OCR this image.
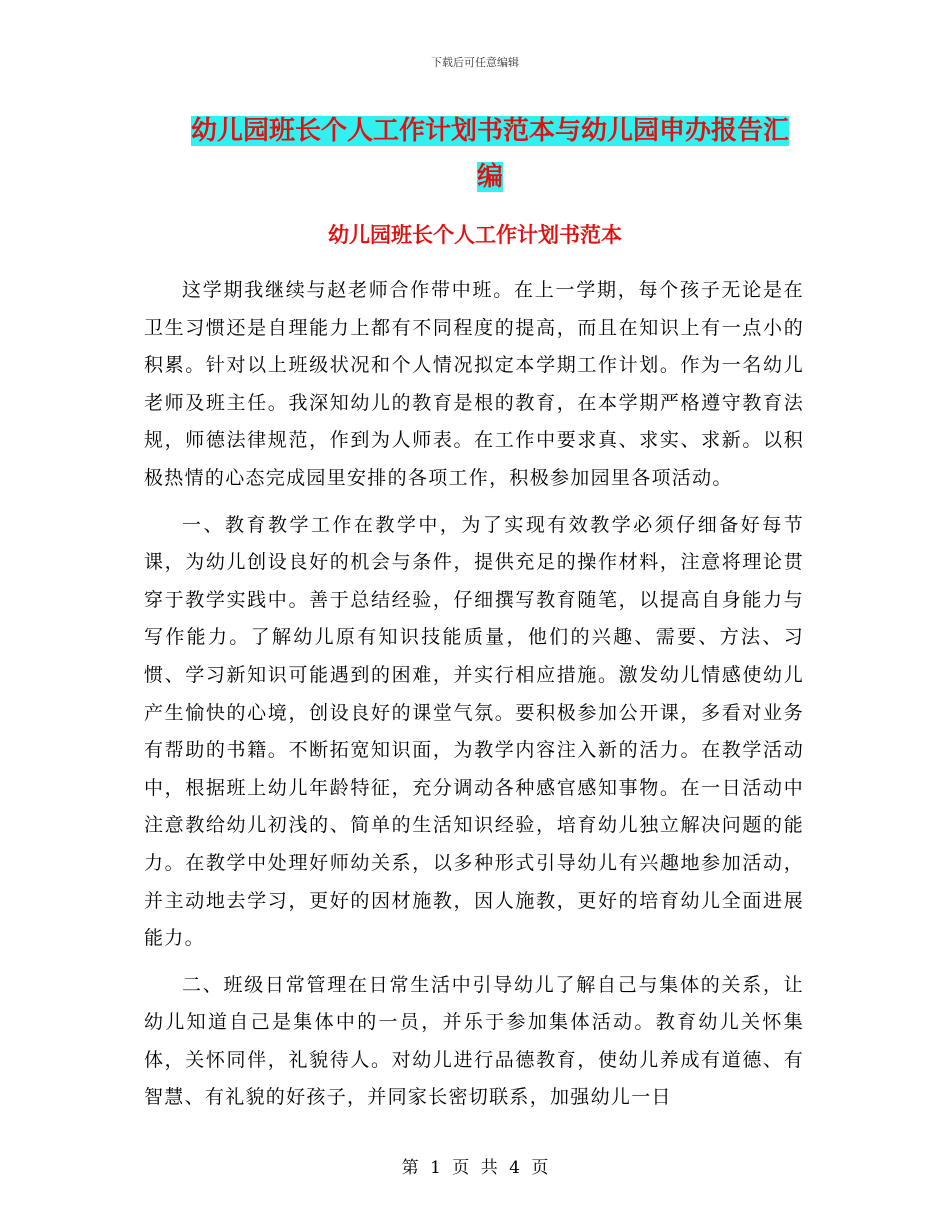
下载后可任意编辑
幼儿园班长个人工作计划书范本与幼儿园申办报告汇
编
幼儿园班长个人工作计划书范本

这学期我继续与赵老师合作带中班。在上一学期，每个孩子无论是在卫生习惯还是自理能力上都有不同程度的提高，而且在知识上有一点小的积累。针对以上班级状况和个人情况拟定本学期工作计划。作为一名幼儿老师及班主任。我深知幼儿的教育是根的教育，在本学期严格遵守教育法规，师德法律规范，作到为人师表。在工作中要求真、求实、求新。以积极热情的心态完成园里安排的各项工作，积极参加园里各项活动。

一、教育教学工作在教学中，为了实现有效教学必须仔细备好每节课，为幼儿创设良好的机会与条件，提供充足的操作材料，注意将理论贯穿于教学实践中。善于总结经验，仔细撰写教育随笔，以提高自身能力与写作能力。了解幼儿原有知识技能质量，他们的兴趣、需要、方法、习惯、学习新知识可能遇到的困难，并实行相应措施。激发幼儿情感使幼儿产生愉快的心境，创设良好的课堂气氛。要积极参加公开课，多看对业务有帮助的书籍。不断拓宽知识面，为教学内容注入新的活力。在教学活动中，根据班上幼儿年龄特征，充分调动各种感官感知事物。在一日活动中注意教给幼儿初浅的、简单的生活知识经验，培育幼儿独立解决问题的能力。在教学中处理好师幼关系，以多种形式引导幼儿有兴趣地参加活动，并主动地去学习，更好的因材施教，因人施教，更好的培育幼儿全面进展能力。

二、班级日常管理在日常生活中引导幼儿了解自己与集体的关系，让幼儿知道自己是集体中的一员，并乐于参加集体活动。教育幼儿关怀集体，关怀同伴，礼貌待人。对幼儿进行品德教育，使幼儿养成有道德、有智慧、有礼貌的好孩子，并同家长密切联系，加强幼儿一日

第 1 页 共 4 页
